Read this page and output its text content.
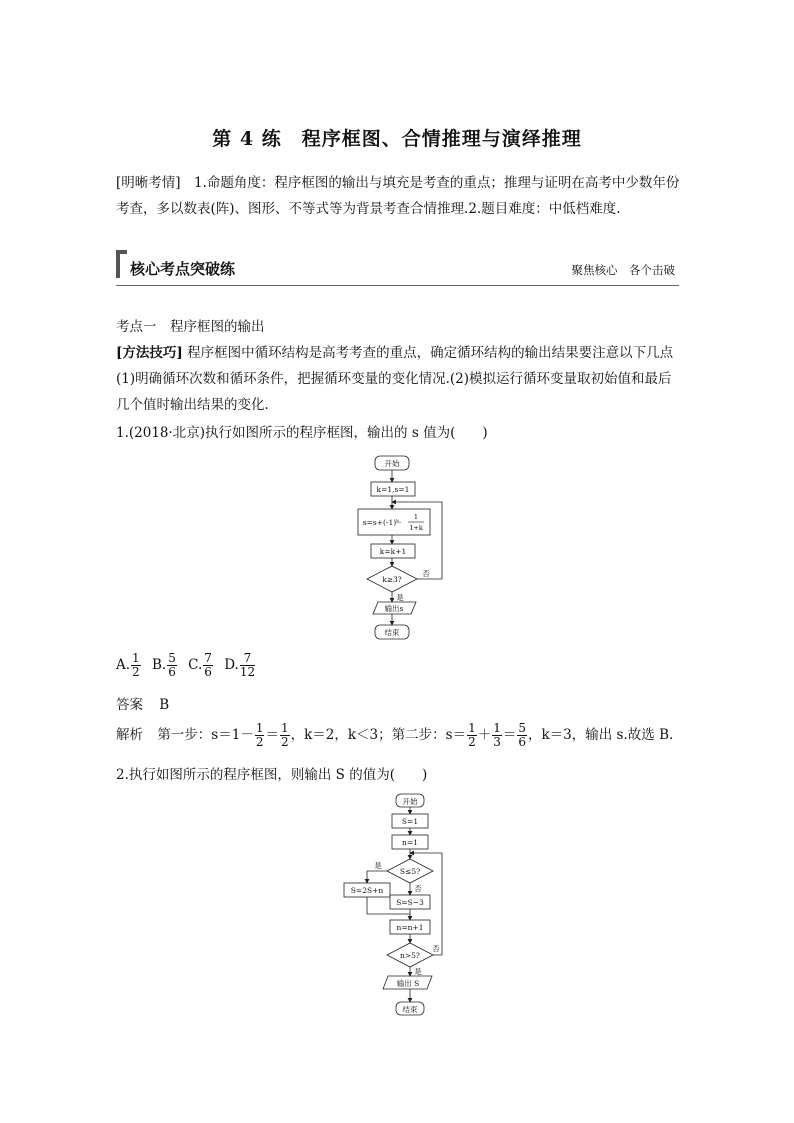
第 4 练　程序框图、合情推理与演绎推理
[明晰考情]　1.命题角度：程序框图的输出与填充是考查的重点；推理与证明在高考中少数年份考查，多以数表(阵)、图形、不等式等为背景考查合情推理.2.题目难度：中低档难度.
核心考点突破练	聚焦核心　各个击破
考点一　程序框图的输出
[方法技巧] 程序框图中循环结构是高考考查的重点，确定循环结构的输出结果要注意以下几点(1)明确循环次数和循环条件，把握循环变量的变化情况.(2)模拟运行循环变量取初始值和最后几个值时输出结果的变化.
1.(2018·北京)执行如图所示的程序框图，输出的 s 值为(　　)
开始
k=1,s=1
s=s+(-1)ᵏ·
1
1+k
k=k+1
k≥3?
否
是
输出s
结束
A. $\frac{1}{2} B$. $\frac{5}{6} C$. $\frac{7}{6} D$. $\frac{7}{12}$
答案 B
解析 第一步：$s=1- \frac{1}{2} = \frac{1}{2}$ ，k＝2，k＜3；第二步：$s= \frac{1}{2} + \frac{1}{3} = \frac{5}{6}$ ，k＝3，输出 s.故选 B.
2.执行如图所示的程序框图，则输出 S 的值为(　　)
开始
S=1
n=1
S≤5?
是
否
S=2S+n
S=S−3
n=n+1
n>5?
否
是
输出 S
结束
